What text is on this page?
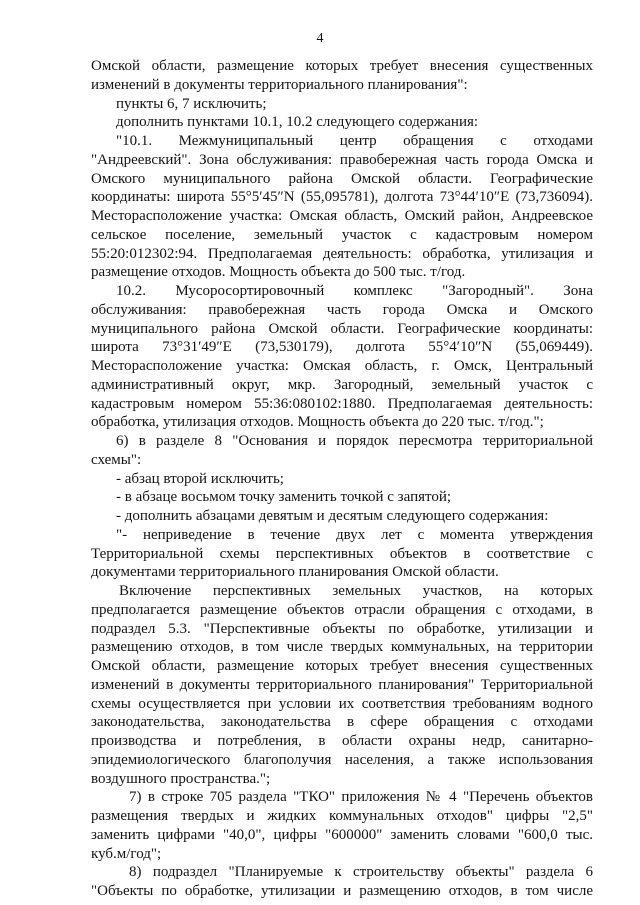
4

Омской области, размещение которых требует внесения существенных

изменений в документы территориального планирования":

пункты 6, 7 исключить;

дополнить пунктами 10.1, 10.2 следующего содержания:

"10.1. Межмуниципальный центр обращения с отходами

"Андреевский". Зона обслуживания: правобережная часть города Омска и

Омского муниципального района Омской области. Географические

координаты: широта 55°5′45″N (55,095781), долгота 73°44′10″E (73,736094).

Месторасположение участка: Омская область, Омский район, Андреевское

сельское поселение, земельный участок с кадастровым номером

55:20:012302:94. Предполагаемая деятельность: обработка, утилизация и

размещение отходов. Мощность объекта до 500 тыс. т/год.

10.2. Мусоросортировочный комплекс "Загородный". Зона

обслуживания: правобережная часть города Омска и Омского

муниципального района Омской области. Географические координаты:

широта 73°31′49″E (73,530179), долгота 55°4′10″N (55,069449).

Месторасположение участка: Омская область, г. Омск, Центральный

административный округ, мкр. Загородный, земельный участок с

кадастровым номером 55:36:080102:1880. Предполагаемая деятельность:

обработка, утилизация отходов. Мощность объекта до 220 тыс. т/год.";

6) в разделе 8 "Основания и порядок пересмотра территориальной

схемы":

- абзац второй исключить;

- в абзаце восьмом точку заменить точкой с запятой;

- дополнить абзацами девятым и десятым следующего содержания:

"- неприведение в течение двух лет с момента утверждения

Территориальной схемы перспективных объектов в соответствие с

документами территориального планирования Омской области.

Включение перспективных земельных участков, на которых

предполагается размещение объектов отрасли обращения с отходами, в

подраздел 5.3. "Перспективные объекты по обработке, утилизации и

размещению отходов, в том числе твердых коммунальных, на территории

Омской области, размещение которых требует внесения существенных

изменений в документы территориального планирования" Территориальной

схемы осуществляется при условии их соответствия требованиям водного

законодательства, законодательства в сфере обращения с отходами

производства и потребления, в области охраны недр, санитарно-

эпидемиологического благополучия населения, а также использования

воздушного пространства.";

7) в строке 705 раздела "ТКО" приложения № 4 "Перечень объектов

размещения твердых и жидких коммунальных отходов" цифры "2,5"

заменить цифрами "40,0", цифры "600000" заменить словами "600,0 тыс.

куб.м/год";

8) подраздел "Планируемые к строительству объекты" раздела 6

"Объекты по обработке, утилизации и размещению отходов, в том числе
